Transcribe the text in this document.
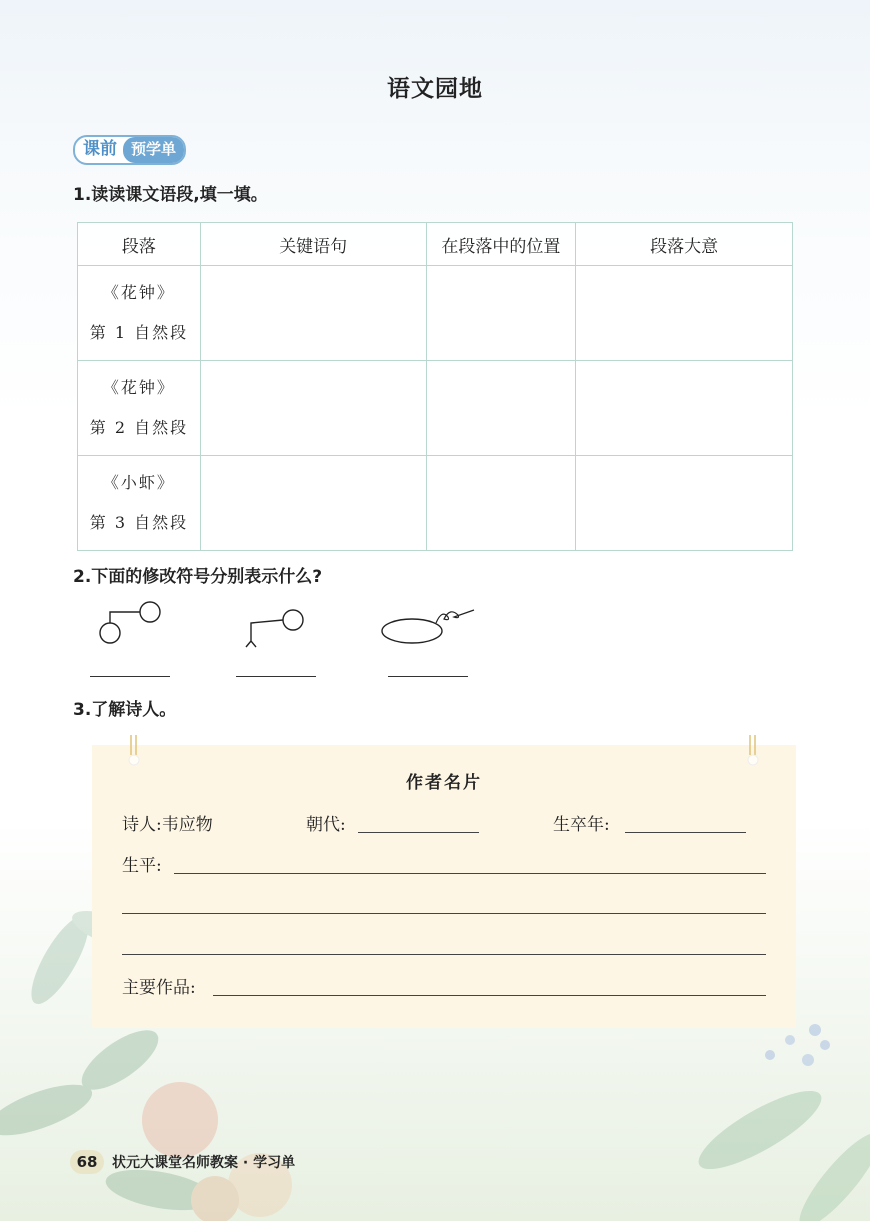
语文园地
课前 预学单
1.读读课文语段,填一填。
段落	关键语句	在段落中的位置	段落大意

《花钟》
第 1 自然段			

《花钟》
第 2 自然段			

《小虾》
第 3 自然段			

2.下面的修改符号分别表示什么?
3.了解诗人。
作者名片
诗人:韦应物	朝代:	生卒年:
生平:
主要作品:
68	状元大课堂名师教案 · 学习单
